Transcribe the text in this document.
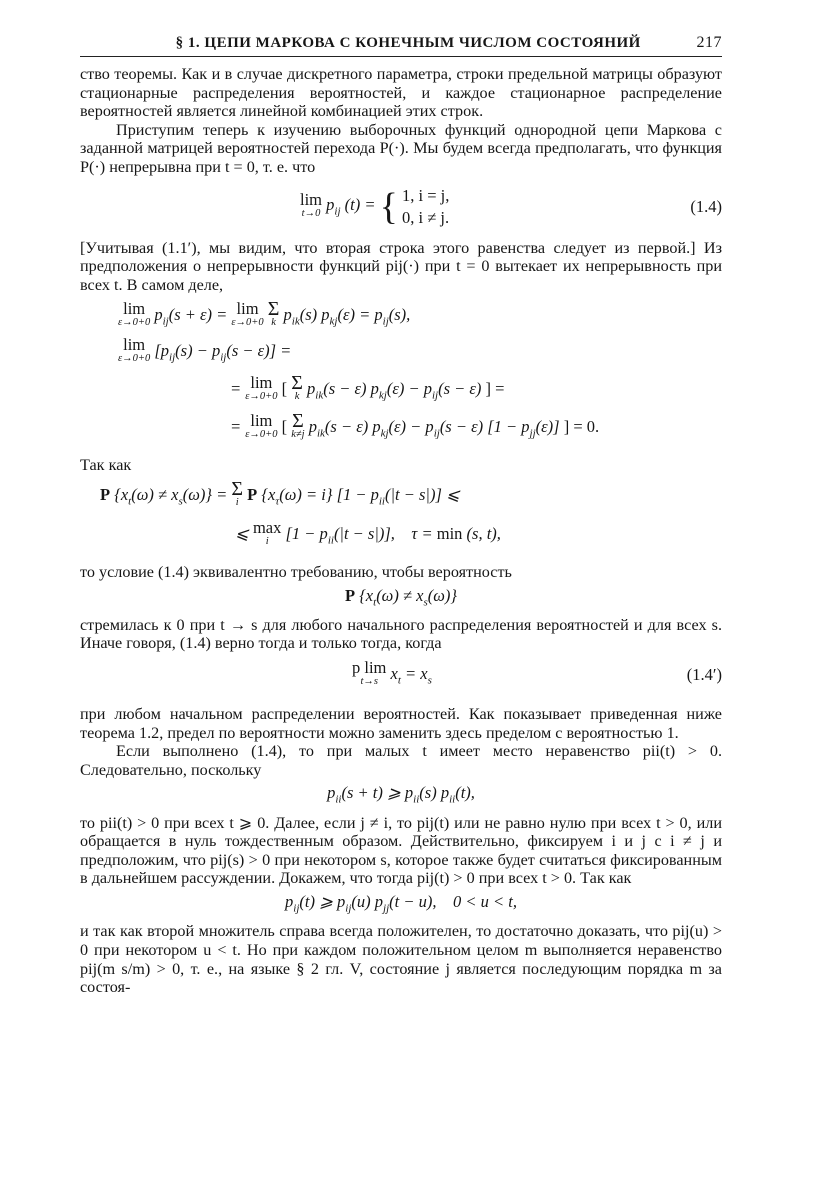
§ 1. ЦЕПИ МАРКОВА С КОНЕЧНЫМ ЧИСЛОМ СОСТОЯНИЙ	217

ство теоремы. Как и в случае дискретного параметра, строки предельной матрицы образуют стационарные распределения вероятностей, и каждое стационарное распределение вероятностей является линейной комбинацией этих строк.

Приступим теперь к изучению выборочных функций однородной цепи Маркова с заданной матрицей вероятностей перехода P(·). Мы будем всегда предполагать, что функция P(·) непрерывна при t = 0, т. е. что

lim
t→0 $p_{ij}$ (t) = { 1, i = j,
0, i ≠ j.
(1.4)

[Учитывая (1.1′), мы видим, что вторая строка этого равенства следует из первой.] Из предположения о непрерывности функций pij(·) при t = 0 вытекает их непрерывность при всех t. В самом деле,

lim
ε→0+0 $p_{ij}(s + \varepsilon) = \lim$
ε→0+0

Σ
k $p_{ik}(s) p_{kj}(\varepsilon) = p_{ij}(s)$,
lim
ε→0+0 $[p_{ij}(s) - p_{ij}(s - \varepsilon)]$ =
= lim
ε→0+0 [ Σ
k $p_{ik}(s - \varepsilon) p_{kj}(\varepsilon) - p_{ij}(s - \varepsilon)$ ] =
= lim
ε→0+0 [ Σ
k≠j $p_{ik}(s - \varepsilon) p_{kj}(\varepsilon) - p_{ij}(s - \varepsilon) [1 - p_{jj}(\varepsilon)]$ ] = 0.

Так как

P $\{x_t(\omega) \ne x_s(\omega)\} = \Sigma$
i P $\{x_\tau(\omega) = i\} [1 - p_{ii}(|t - s|)]$ ⩽
⩽ max
i	$[1 - p_{ii}(|t - s|)]$,    τ = min (s, t),

то условие (1.4) эквивалентно требованию, чтобы вероятность

P $\{x_t(\omega) \ne x_s(\omega)\}$

стремилась к 0 при t → s для любого начального распределения вероятностей и для всех s. Иначе говоря, (1.4) верно тогда и только тогда, когда

p lim
t→s $x_t = x_s$	(1.4′)

при любом начальном распределении вероятностей. Как показывает приведенная ниже теорема 1.2, предел по вероятности можно заменить здесь пределом с вероятностью 1.

Если выполнено (1.4), то при малых t имеет место неравенство pii(t) > 0. Следовательно, поскольку

$p_{ii}(s + t)$ ⩾ $p_{ii}(s)$ $p_{ii}(t)$,

то pii(t) > 0 при всех t ⩾ 0. Далее, если j ≠ i, то pij(t) или не равно нулю при всех t > 0, или обращается в нуль тождественным образом. Действительно, фиксируем i и j с i ≠ j и предположим, что pij(s) > 0 при некотором s, которое также будет считаться фиксированным в дальнейшем рассуждении. Докажем, что тогда pij(t) > 0 при всех t > 0. Так как

$p_{ij}(t)$ ⩾ $p_{ij}(u) p_{jj}(t - u)$,    0 < u < t,

и так как второй множитель справа всегда положителен, то достаточно доказать, что pij(u) > 0 при некотором u < t. Но при каждом положительном целом m выполняется неравенство pij(m s/m) > 0, т. е., на языке § 2 гл. V, состояние j является последующим порядка m за состоя-
